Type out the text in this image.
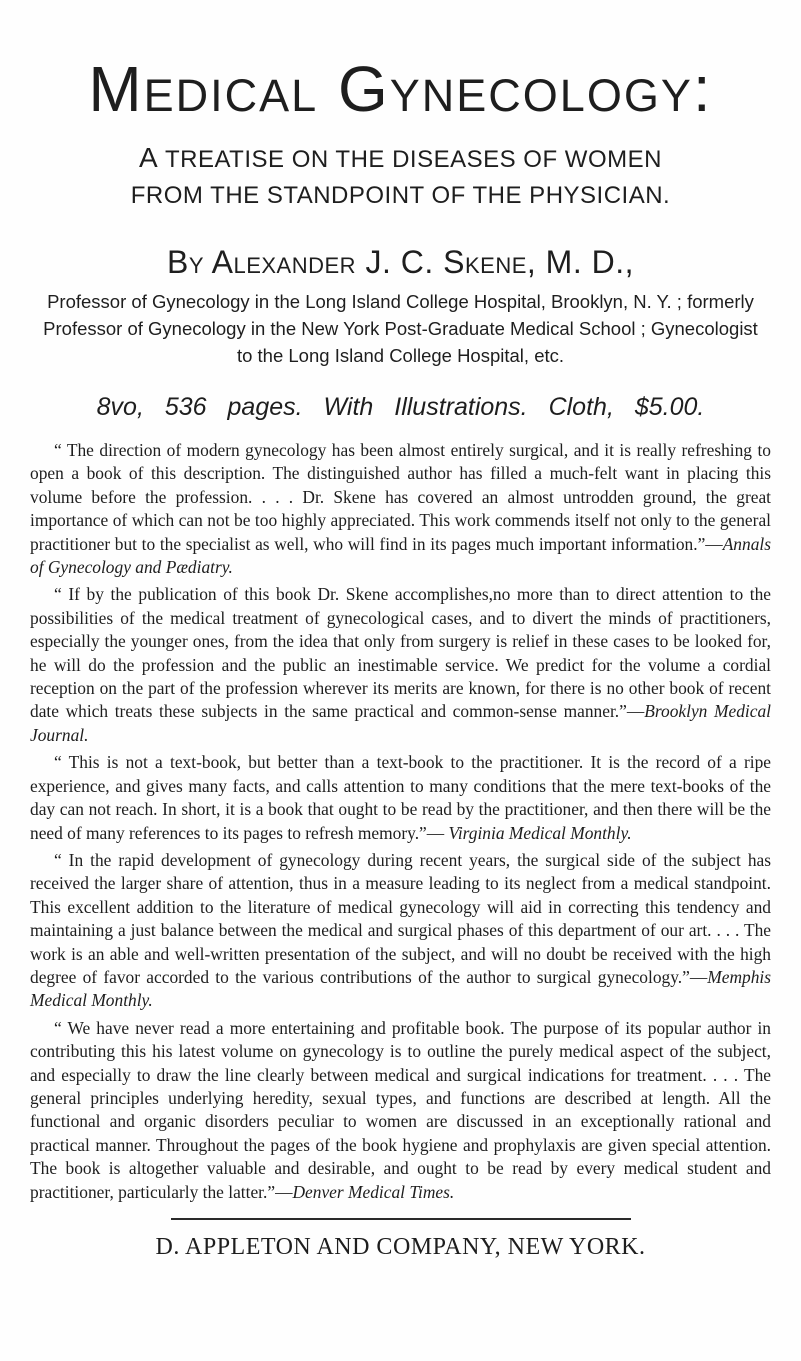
Medical Gynecology:
A TREATISE ON THE DISEASES OF WOMEN
FROM THE STANDPOINT OF THE PHYSICIAN.
By Alexander J. C. Skene, M. D.,
Professor of Gynecology in the Long Island College Hospital, Brooklyn, N. Y. ; formerly Professor of Gynecology in the New York Post-Graduate Medical School ; Gynecologist to the Long Island College Hospital, etc.
8vo, 536 pages. With Illustrations. Cloth, $5.00.

“ The direction of modern gynecology has been almost entirely surgical, and it is really refreshing to open a book of this description. The distinguished author has filled a much-felt want in placing this volume before the profession. . . . Dr. Skene has covered an almost untrodden ground, the great importance of which can not be too highly appreciated. This work commends itself not only to the general practitioner but to the specialist as well, who will find in its pages much important information.”—Annals of Gynecology and Pædiatry.

“ If by the publication of this book Dr. Skene accomplishes,no more than to direct attention to the possibilities of the medical treatment of gynecological cases, and to divert the minds of practitioners, especially the younger ones, from the idea that only from surgery is relief in these cases to be looked for, he will do the profession and the public an inestimable service. We predict for the volume a cordial reception on the part of the profession wherever its merits are known, for there is no other book of recent date which treats these subjects in the same practical and common-sense manner.”—Brooklyn Medical Journal.

“ This is not a text-book, but better than a text-book to the practitioner. It is the record of a ripe experience, and gives many facts, and calls attention to many conditions that the mere text-books of the day can not reach. In short, it is a book that ought to be read by the practitioner, and then there will be the need of many references to its pages to refresh memory.”— Virginia Medical Monthly.

“ In the rapid development of gynecology during recent years, the surgical side of the subject has received the larger share of attention, thus in a measure leading to its neglect from a medical standpoint. This excellent addition to the literature of medical gynecology will aid in correcting this tendency and maintaining a just balance between the medical and surgical phases of this department of our art. . . . The work is an able and well-written presentation of the subject, and will no doubt be received with the high degree of favor accorded to the various contributions of the author to surgical gynecology.”—Memphis Medical Monthly.

“ We have never read a more entertaining and profitable book. The purpose of its popular author in contributing this his latest volume on gynecology is to outline the purely medical aspect of the subject, and especially to draw the line clearly between medical and surgical indications for treatment. . . . The general principles underlying heredity, sexual types, and functions are described at length. All the functional and organic disorders peculiar to women are discussed in an exceptionally rational and practical manner. Throughout the pages of the book hygiene and prophylaxis are given special attention. The book is altogether valuable and desirable, and ought to be read by every medical student and practitioner, particularly the latter.”—Denver Medical Times.

D. APPLETON AND COMPANY, NEW YORK.
